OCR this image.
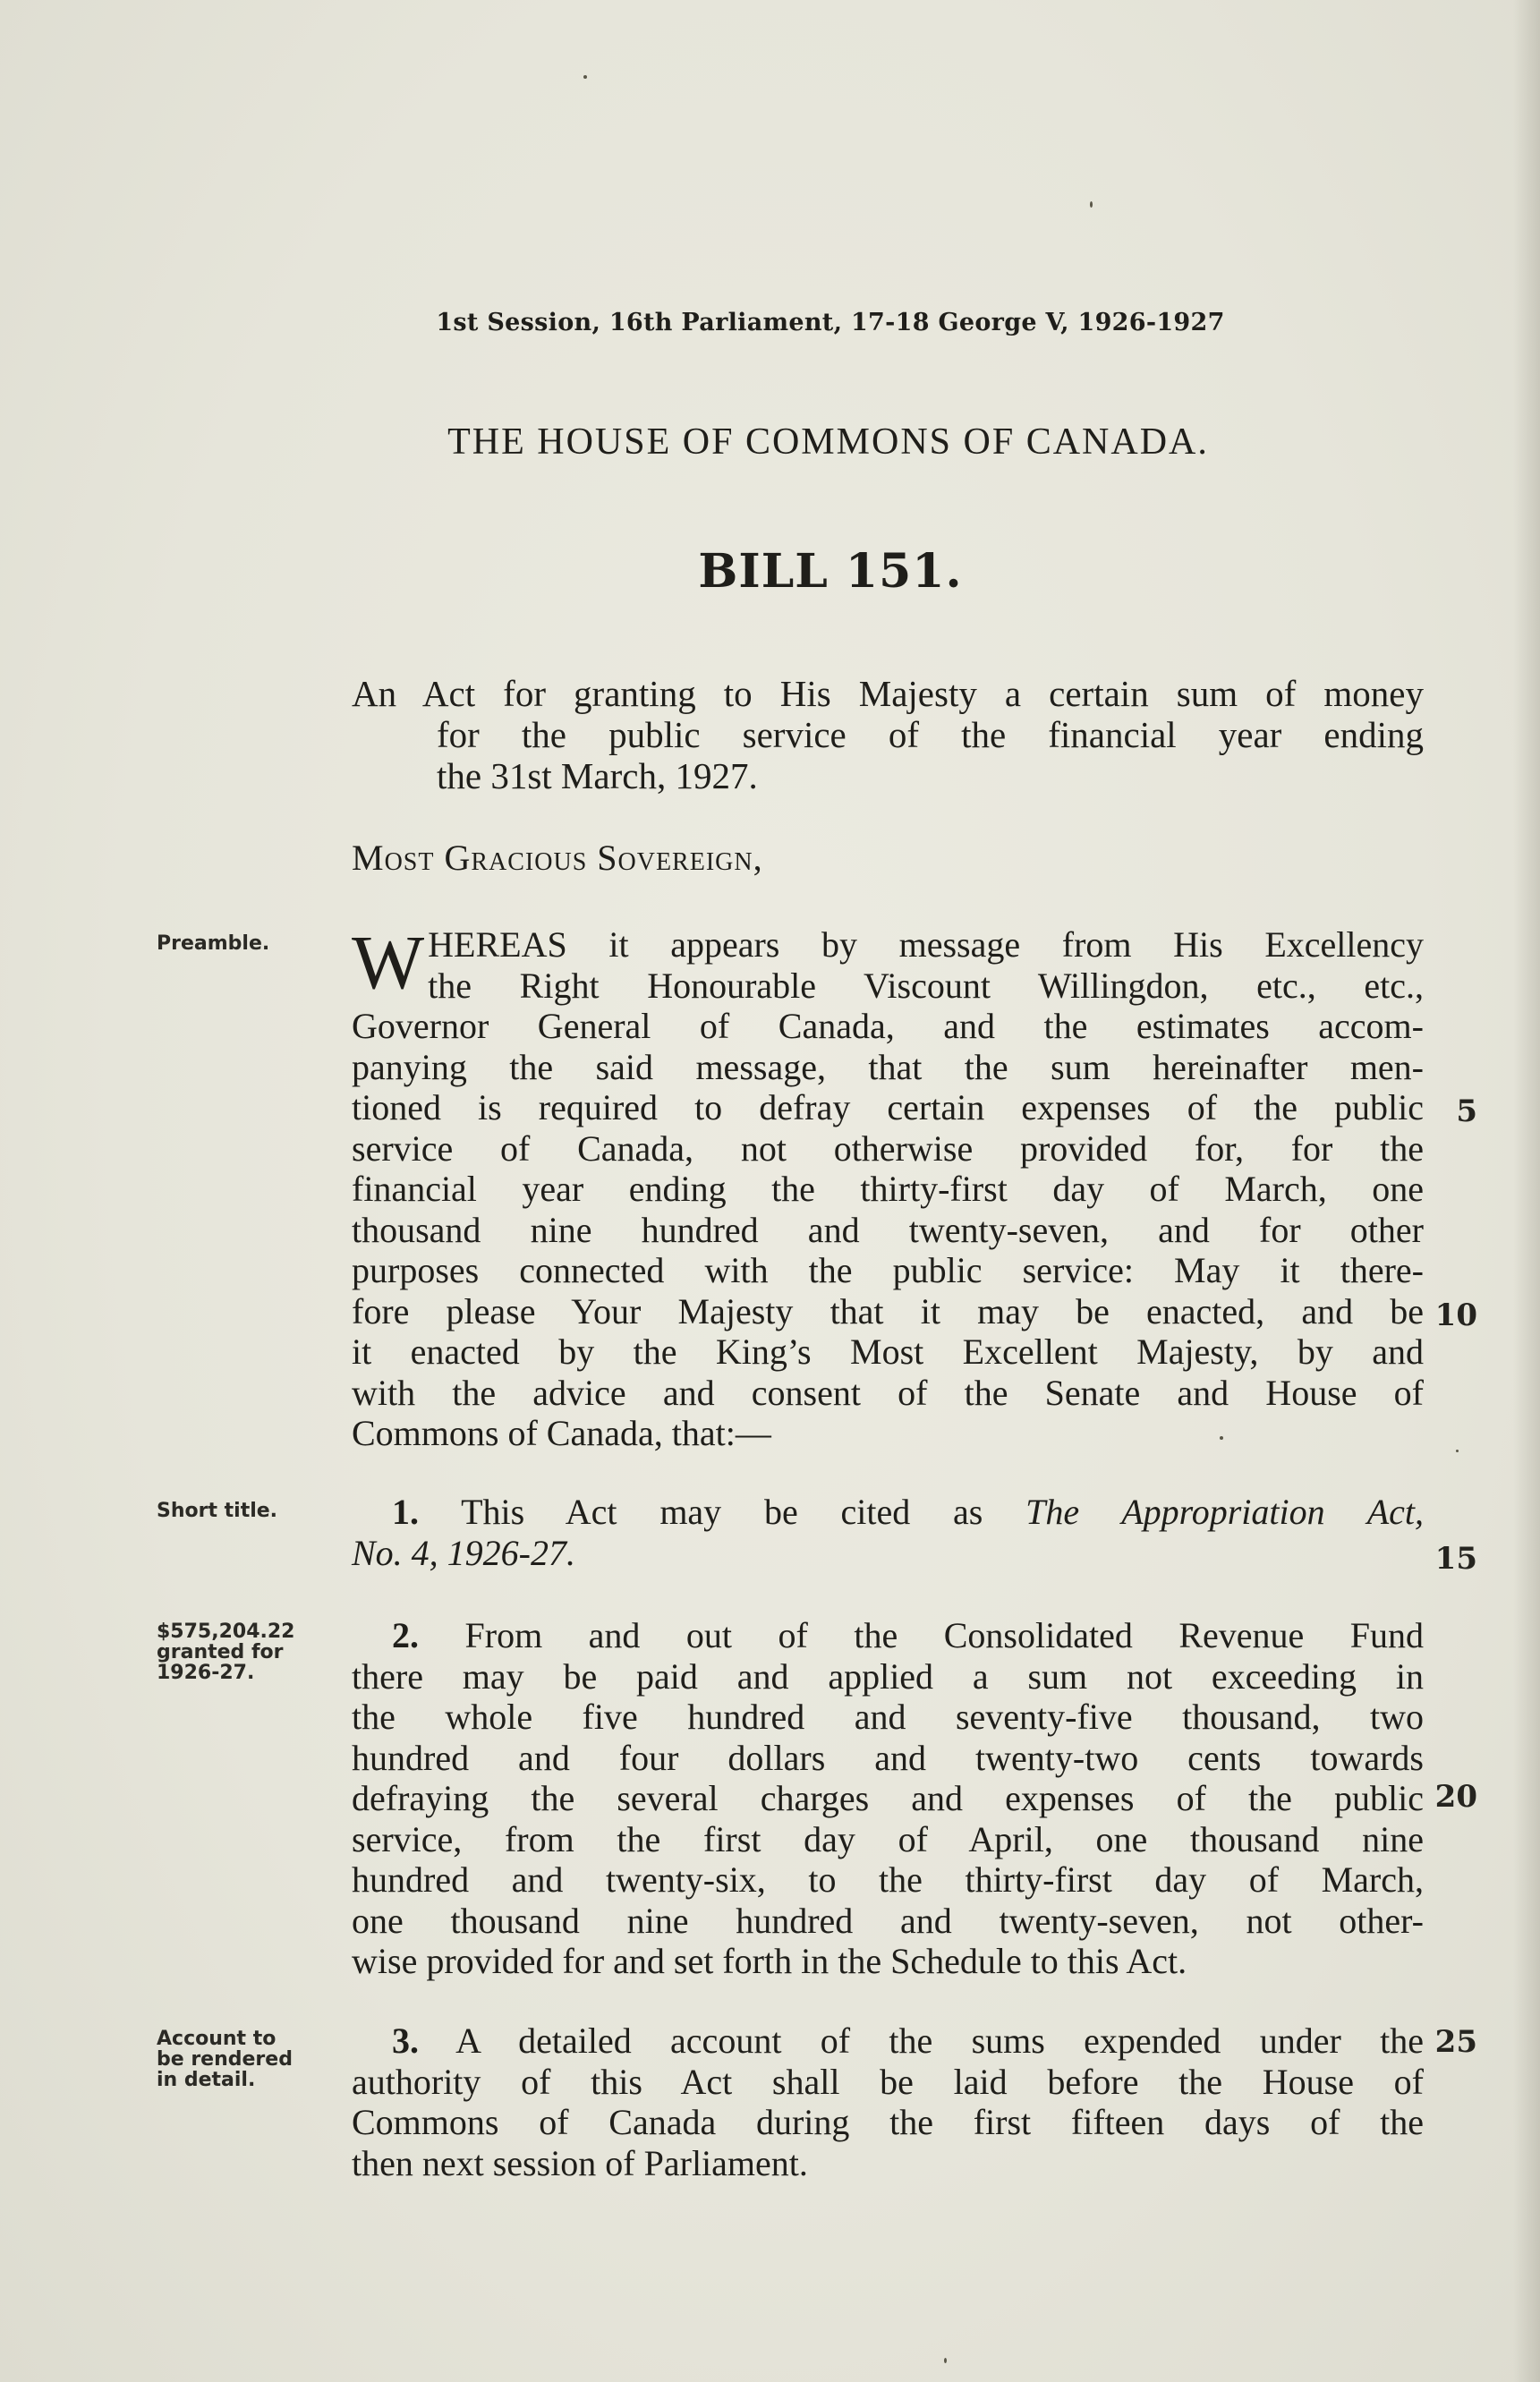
1st Session, 16th Parliament, 17-18 George V, 1926-1927
THE HOUSE OF COMMONS OF CANADA.
BILL 151.
An Act for granting to His Majesty a certain sum of money
for the public service of the financial year ending
the 31st March, 1927.
Most Gracious Sovereign,
Preamble.	W HEREAS it appears by message from His Excellency
the Right Honourable Viscount Willingdon, etc., etc.,
Governor General of Canada, and the estimates accom-
panying the said message, that the sum hereinafter men-
tioned is required to defray certain expenses of the public
service of Canada, not otherwise provided for, for the
financial year ending the thirty-first day of March, one
thousand nine hundred and twenty-seven, and for other
purposes connected with the public service: May it there-
fore please Your Majesty that it may be enacted, and be
it enacted by the King’s Most Excellent Majesty, by and
with the advice and consent of the Senate and House of
Commons of Canada, that:—
Short title.	1. This Act may be cited as The Appropriation Act,
No. 4, 1926-27.
$575,204.22
granted for
1926-27.
2. From and out of the Consolidated Revenue Fund
there may be paid and applied a sum not exceeding in
the whole five hundred and seventy-five thousand, two
hundred and four dollars and twenty-two cents towards
defraying the several charges and expenses of the public
service, from the first day of April, one thousand nine
hundred and twenty-six, to the thirty-first day of March,
one thousand nine hundred and twenty-seven, not other-
wise provided for and set forth in the Schedule to this Act.
Account to
be rendered
in detail.
3. A detailed account of the sums expended under the
authority of this Act shall be laid before the House of
Commons of Canada during the first fifteen days of the
then next session of Parliament.
5
10
15
20
25
